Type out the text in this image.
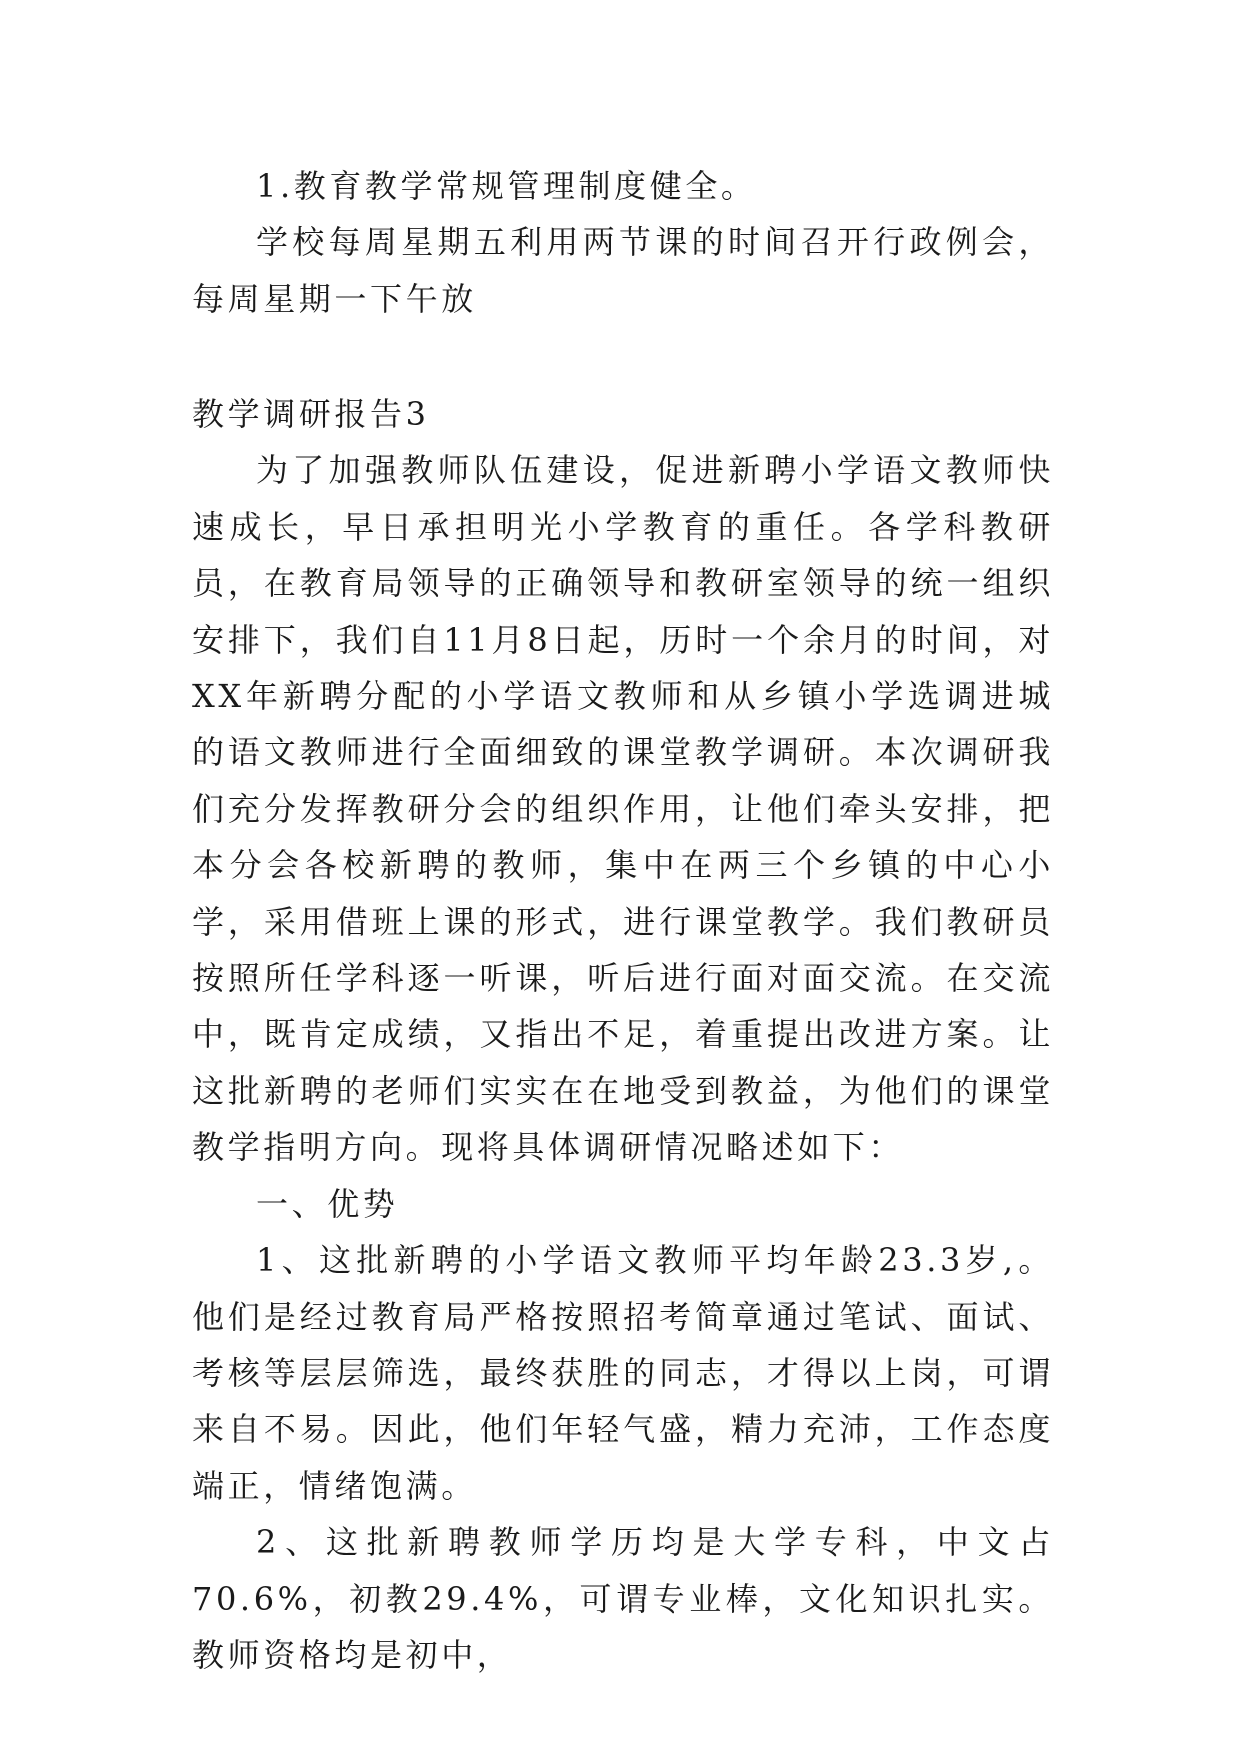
1.教育教学常规管理制度健全。

学校每周星期五利用两节课的时间召开行政例会，每周星期一下午放

教学调研报告3

为了加强教师队伍建设，促进新聘小学语文教师快速成长，早日承担明光小学教育的重任。各学科教研员，在教育局领导的正确领导和教研室领导的统一组织安排下，我们自11月8日起，历时一个余月的时间，对XX年新聘分配的小学语文教师和从乡镇小学选调进城的语文教师进行全面细致的课堂教学调研。本次调研我们充分发挥教研分会的组织作用，让他们牵头安排，把本分会各校新聘的教师，集中在两三个乡镇的中心小学，采用借班上课的形式，进行课堂教学。我们教研员按照所任学科逐一听课，听后进行面对面交流。在交流中，既肯定成绩，又指出不足，着重提出改进方案。让这批新聘的老师们实实在在地受到教益，为他们的课堂教学指明方向。现将具体调研情况略述如下：

一、优势

1、这批新聘的小学语文教师平均年龄23.3岁,。他们是经过教育局严格按照招考简章通过笔试、面试、考核等层层筛选，最终获胜的同志，才得以上岗，可谓来自不易。因此，他们年轻气盛，精力充沛，工作态度端正，情绪饱满。

2、这批新聘教师学历均是大学专科，中文占70.6%，初教29.4%，可谓专业棒，文化知识扎实。教师资格均是初中，
